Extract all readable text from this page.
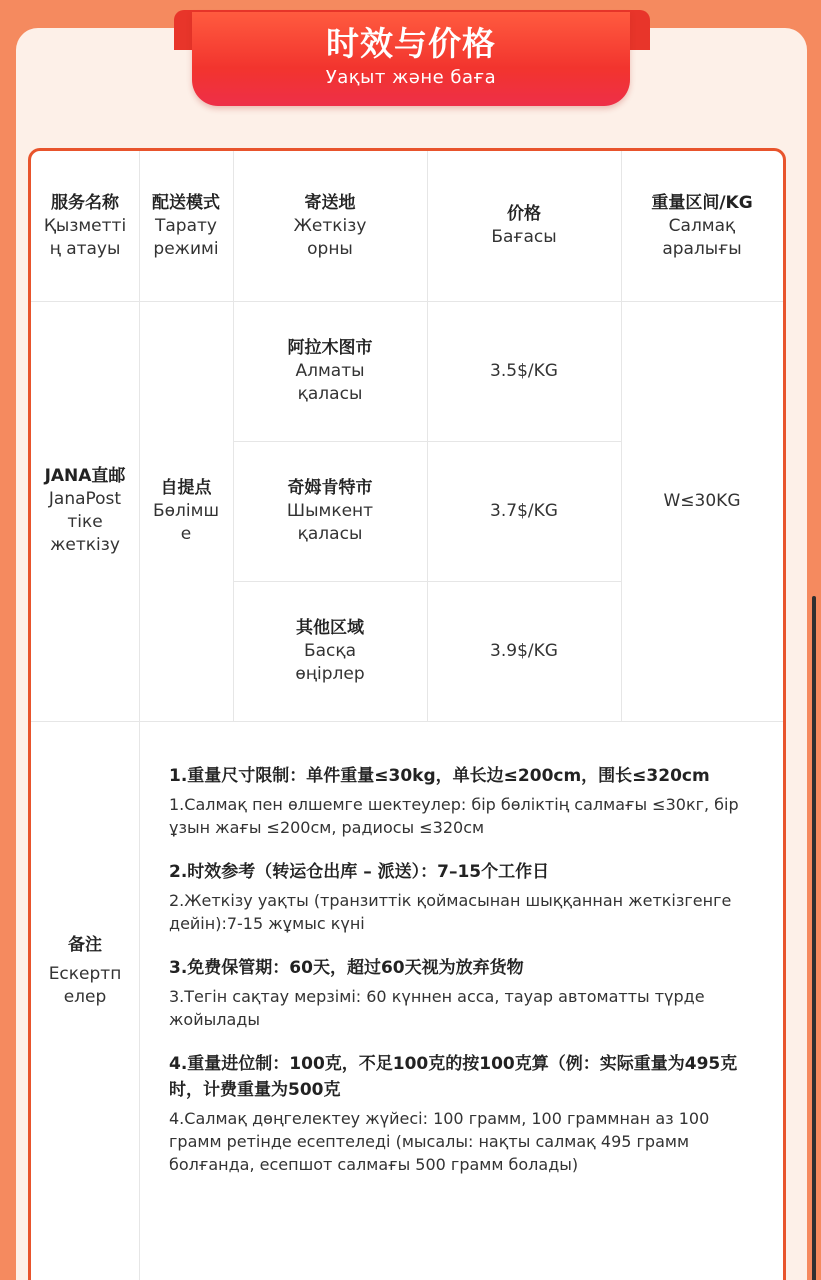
时效与价格
Уақыт және баға
服务名称
Қызметті ң атауы
配送模式
Тарату режимі
寄送地
Жеткізу орны
价格
Бағасы
重量区间/KG
Салмақ аралығы
JANA直邮
JanaPost тіке жеткізу
自提点
Бөлімш е
阿拉木图市
Алматы қаласы
3.5$/KG
奇姆肯特市
Шымкент қаласы
3.7$/KG
其他区域
Басқа өңірлер
3.9$/KG
W≤30KG
备注
Ескертп елер
1.重量尺寸限制：单件重量≤30kg，单长边≤200cm，围长≤320cm
1.Салмақ пен өлшемге шектеулер: бір бөліктің салмағы ≤30кг, бір ұзын жағы ≤200см, радиосы ≤320см
2.时效参考（转运仓出库 – 派送）：7–15个工作日
2.Жеткізу уақты (транзиттік қоймасынан шыққаннан жеткізгенге дейін):7-15 жұмыс күні
3.免费保管期：60天，超过60天视为放弃货物
3.Тегін сақтау мерзімі: 60 күннен асса, тауар автоматты түрде жойылады
4.重量进位制：100克，不足100克的按100克算（例：实际重量为495克时，计费重量为500克
4.Салмақ дөңгелектеу жүйесі: 100 грамм, 100 граммнан аз 100 грамм ретінде есептеледі (мысалы: нақты салмақ 495 грамм болғанда, есепшот салмағы 500 грамм болады)
